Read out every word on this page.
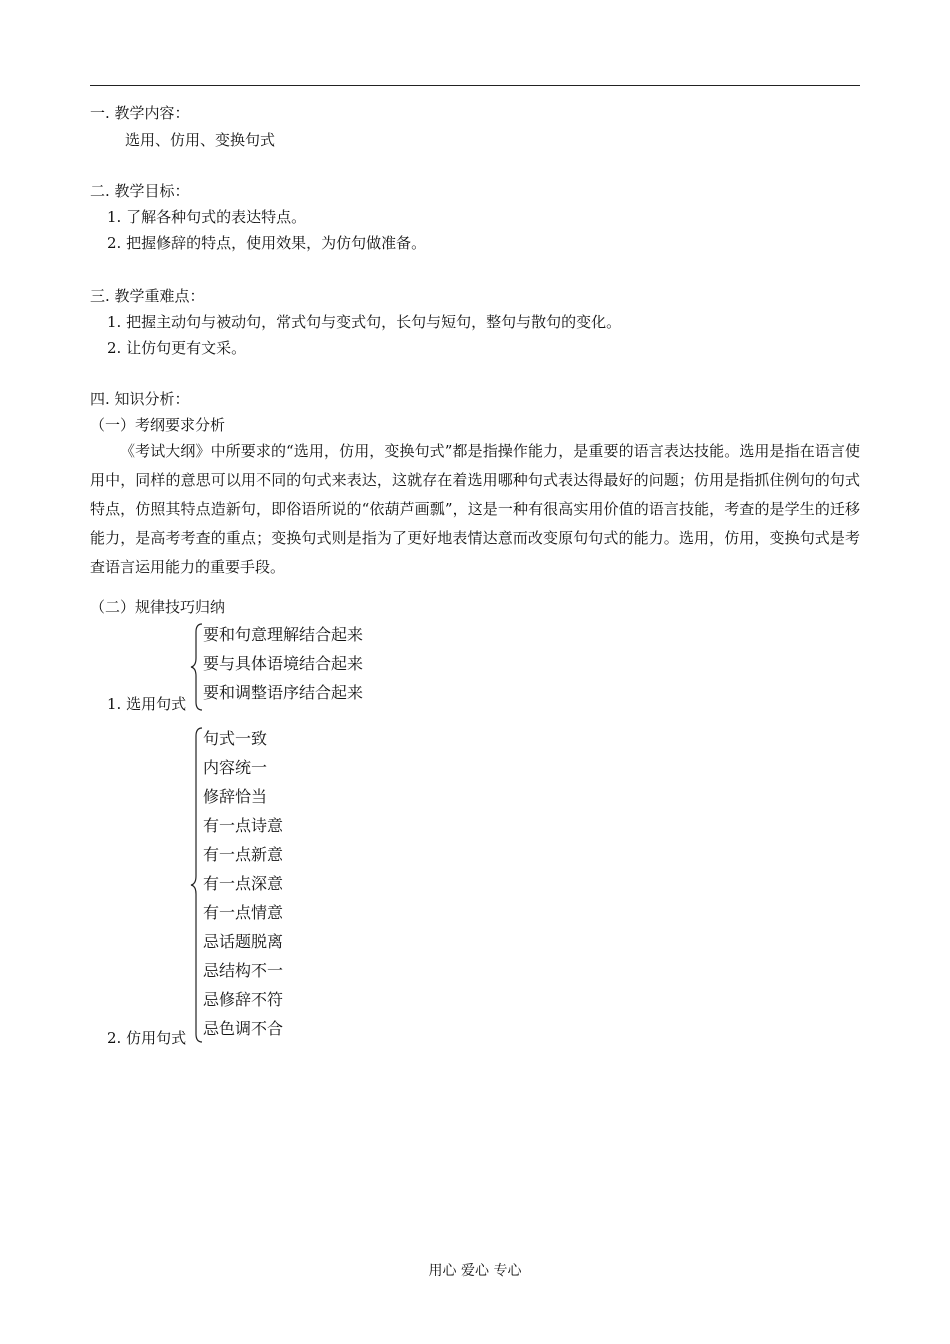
一. 教学内容：
选用、仿用、变换句式
二. 教学目标：
1. 了解各种句式的表达特点。
2. 把握修辞的特点，使用效果，为仿句做准备。
三. 教学重难点：
1. 把握主动句与被动句，常式句与变式句，长句与短句，整句与散句的变化。
2. 让仿句更有文采。
四. 知识分析：
（一）考纲要求分析
《考试大纲》中所要求的“选用，仿用，变换句式”都是指操作能力，是重要的语言表达技能。选用是指在语言使用中，同样的意思可以用不同的句式来表达，这就存在着选用哪种句式表达得最好的问题；仿用是指抓住例句的句式特点，仿照其特点造新句，即俗语所说的“依葫芦画瓢”，这是一种有很高实用价值的语言技能，考查的是学生的迁移能力，是高考考查的重点；变换句式则是指为了更好地表情达意而改变原句句式的能力。选用，仿用，变换句式是考查语言运用能力的重要手段。
（二）规律技巧归纳
1. 选用句式
要和句意理解结合起来
要与具体语境结合起来
要和调整语序结合起来
2. 仿用句式
句式一致
内容统一
修辞恰当
有一点诗意
有一点新意
有一点深意
有一点情意
忌话题脱离
忌结构不一
忌修辞不符
忌色调不合
用心 爱心 专心
